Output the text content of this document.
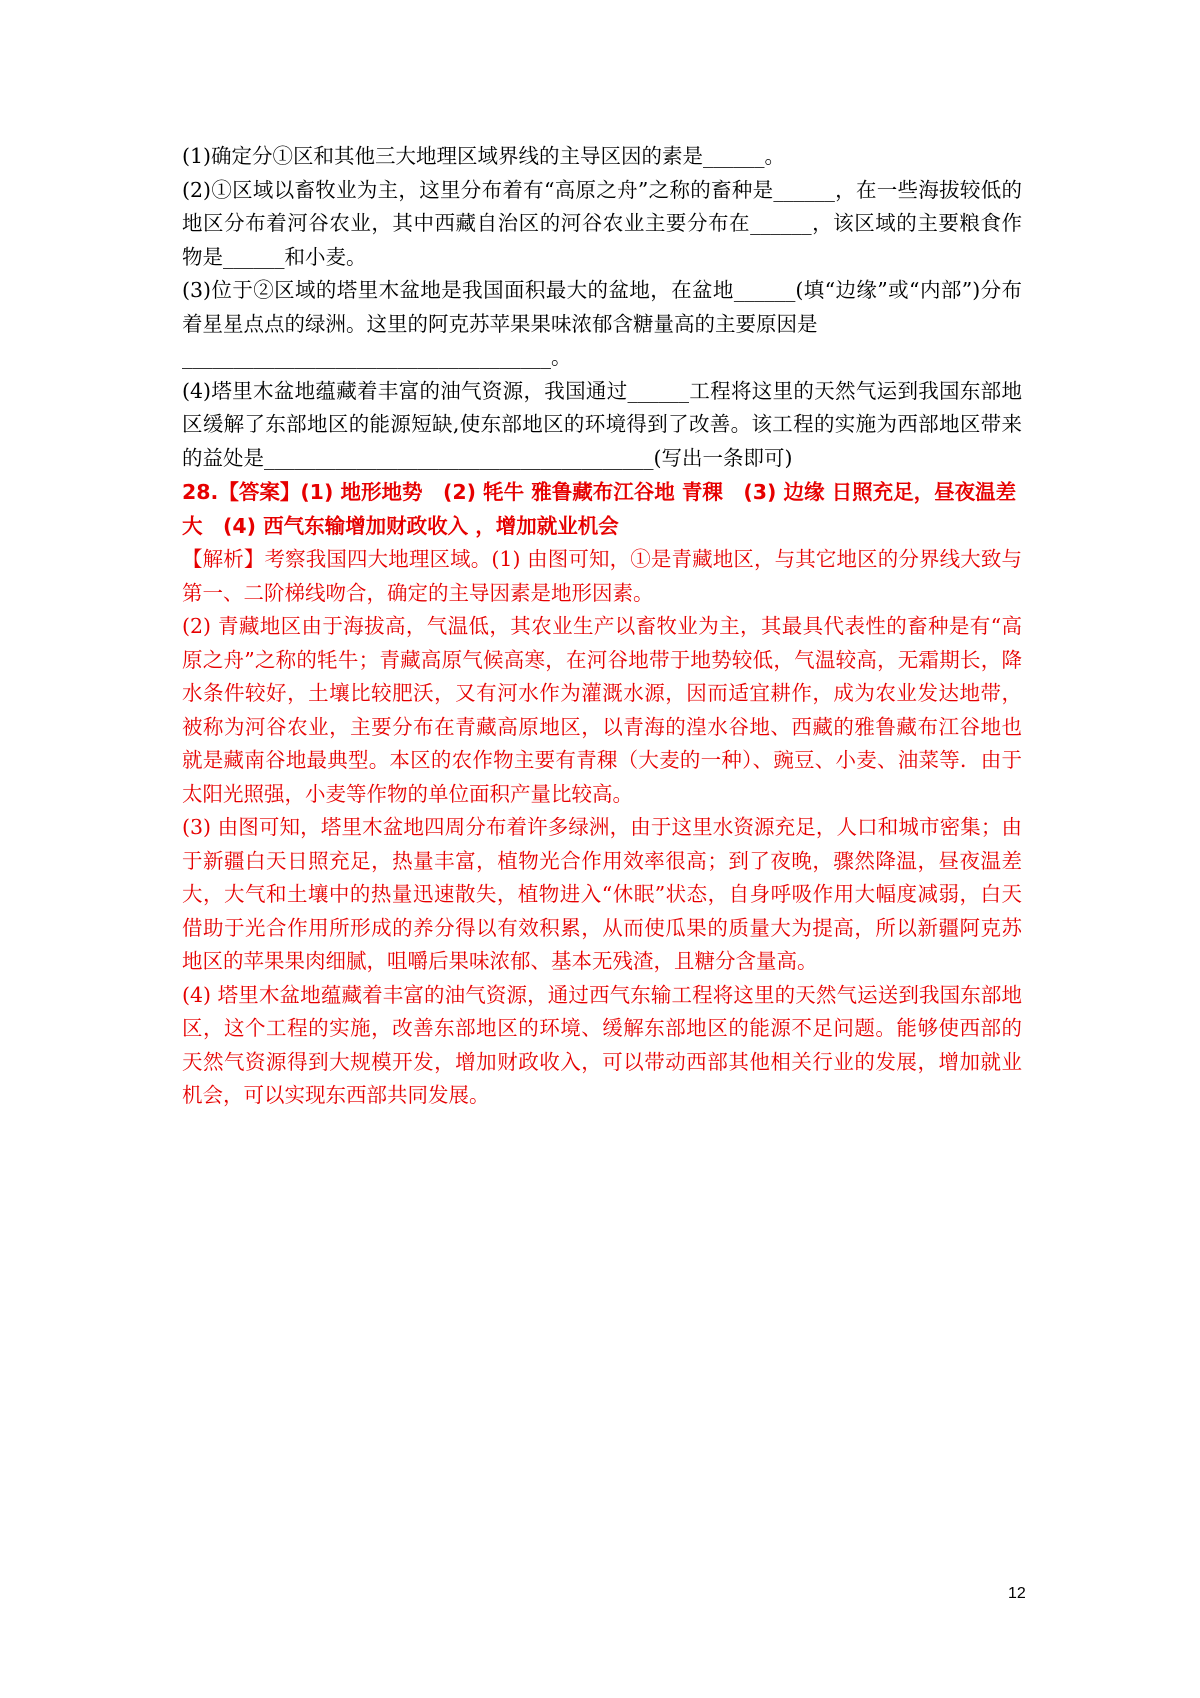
(1)确定分①区和其他三大地理区域界线的主导区因的素是______。

(2)①区域以畜牧业为主，这里分布着有“高原之舟”之称的畜种是______，在一些海拔较低的地区分布着河谷农业，其中西藏自治区的河谷农业主要分布在______，该区域的主要粮食作物是______和小麦。

(3)位于②区域的塔里木盆地是我国面积最大的盆地，在盆地______(填“边缘”或“内部”)分布着星星点点的绿洲。这里的阿克苏苹果果味浓郁含糖量高的主要原因是

____________________________________。

(4)塔里木盆地蕴藏着丰富的油气资源，我国通过______工程将这里的天然气运到我国东部地区缓解了东部地区的能源短缺,使东部地区的环境得到了改善。该工程的实施为西部地区带来的益处是______________________________________(写出一条即可)

28.【答案】(1) 地形地势　(2) 牦牛 雅鲁藏布江谷地 青稞　(3) 边缘 日照充足，昼夜温差大　(4) 西气东输增加财政收入 ，增加就业机会

【解析】考察我国四大地理区域。(1) 由图可知，①是青藏地区，与其它地区的分界线大致与第一、二阶梯线吻合，确定的主导因素是地形因素。

(2) 青藏地区由于海拔高，气温低，其农业生产以畜牧业为主，其最具代表性的畜种是有“高原之舟”之称的牦牛；青藏高原气候高寒，在河谷地带于地势较低，气温较高，无霜期长，降水条件较好，土壤比较肥沃，又有河水作为灌溉水源，因而适宜耕作，成为农业发达地带，被称为河谷农业，主要分布在青藏高原地区，以青海的湟水谷地、西藏的雅鲁藏布江谷地也就是藏南谷地最典型。本区的农作物主要有青稞（大麦的一种）、豌豆、小麦、油菜等．由于太阳光照强，小麦等作物的单位面积产量比较高。

(3) 由图可知，塔里木盆地四周分布着许多绿洲，由于这里水资源充足，人口和城市密集；由于新疆白天日照充足，热量丰富，植物光合作用效率很高；到了夜晚，骤然降温，昼夜温差大，大气和土壤中的热量迅速散失，植物进入“休眠”状态，自身呼吸作用大幅度减弱，白天借助于光合作用所形成的养分得以有效积累，从而使瓜果的质量大为提高，所以新疆阿克苏地区的苹果果肉细腻，咀嚼后果味浓郁、基本无残渣，且糖分含量高。

(4) 塔里木盆地蕴藏着丰富的油气资源，通过西气东输工程将这里的天然气运送到我国东部地区，这个工程的实施，改善东部地区的环境、缓解东部地区的能源不足问题。能够使西部的天然气资源得到大规模开发，增加财政收入，可以带动西部其他相关行业的发展，增加就业机会，可以实现东西部共同发展。

12
